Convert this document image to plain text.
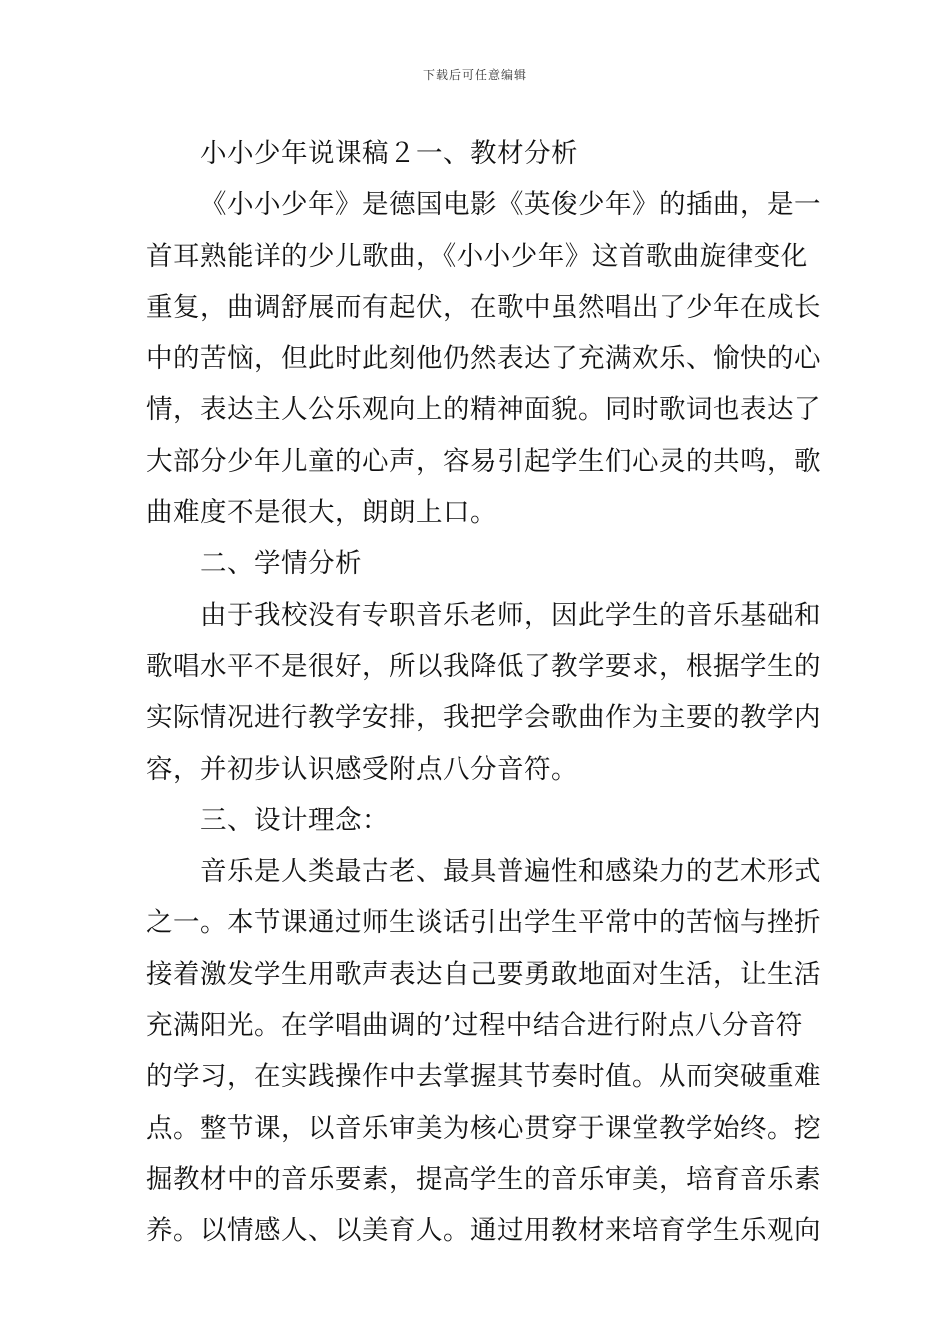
下载后可任意编辑
小小少年说课稿２一、教材分析
《小小少年》是德国电影《英俊少年》的插曲，是一
首耳熟能详的少儿歌曲，《小小少年》这首歌曲旋律变化
重复，曲调舒展而有起伏，在歌中虽然唱出了少年在成长
中的苦恼，但此时此刻他仍然表达了充满欢乐、愉快的心
情，表达主人公乐观向上的精神面貌。同时歌词也表达了
大部分少年儿童的心声，容易引起学生们心灵的共鸣，歌
曲难度不是很大，朗朗上口。
二、学情分析
由于我校没有专职音乐老师，因此学生的音乐基础和
歌唱水平不是很好，所以我降低了教学要求，根据学生的
实际情况进行教学安排，我把学会歌曲作为主要的教学内
容，并初步认识感受附点八分音符。
三、设计理念：
音乐是人类最古老、最具普遍性和感染力的艺术形式
之一。本节课通过师生谈话引出学生平常中的苦恼与挫折
接着激发学生用歌声表达自己要勇敢地面对生活，让生活
充满阳光。在学唱曲调的’过程中结合进行附点八分音符
的学习，在实践操作中去掌握其节奏时值。从而突破重难
点。整节课，以音乐审美为核心贯穿于课堂教学始终。挖
掘教材中的音乐要素，提高学生的音乐审美，培育音乐素
养。以情感人、以美育人。通过用教材来培育学生乐观向
